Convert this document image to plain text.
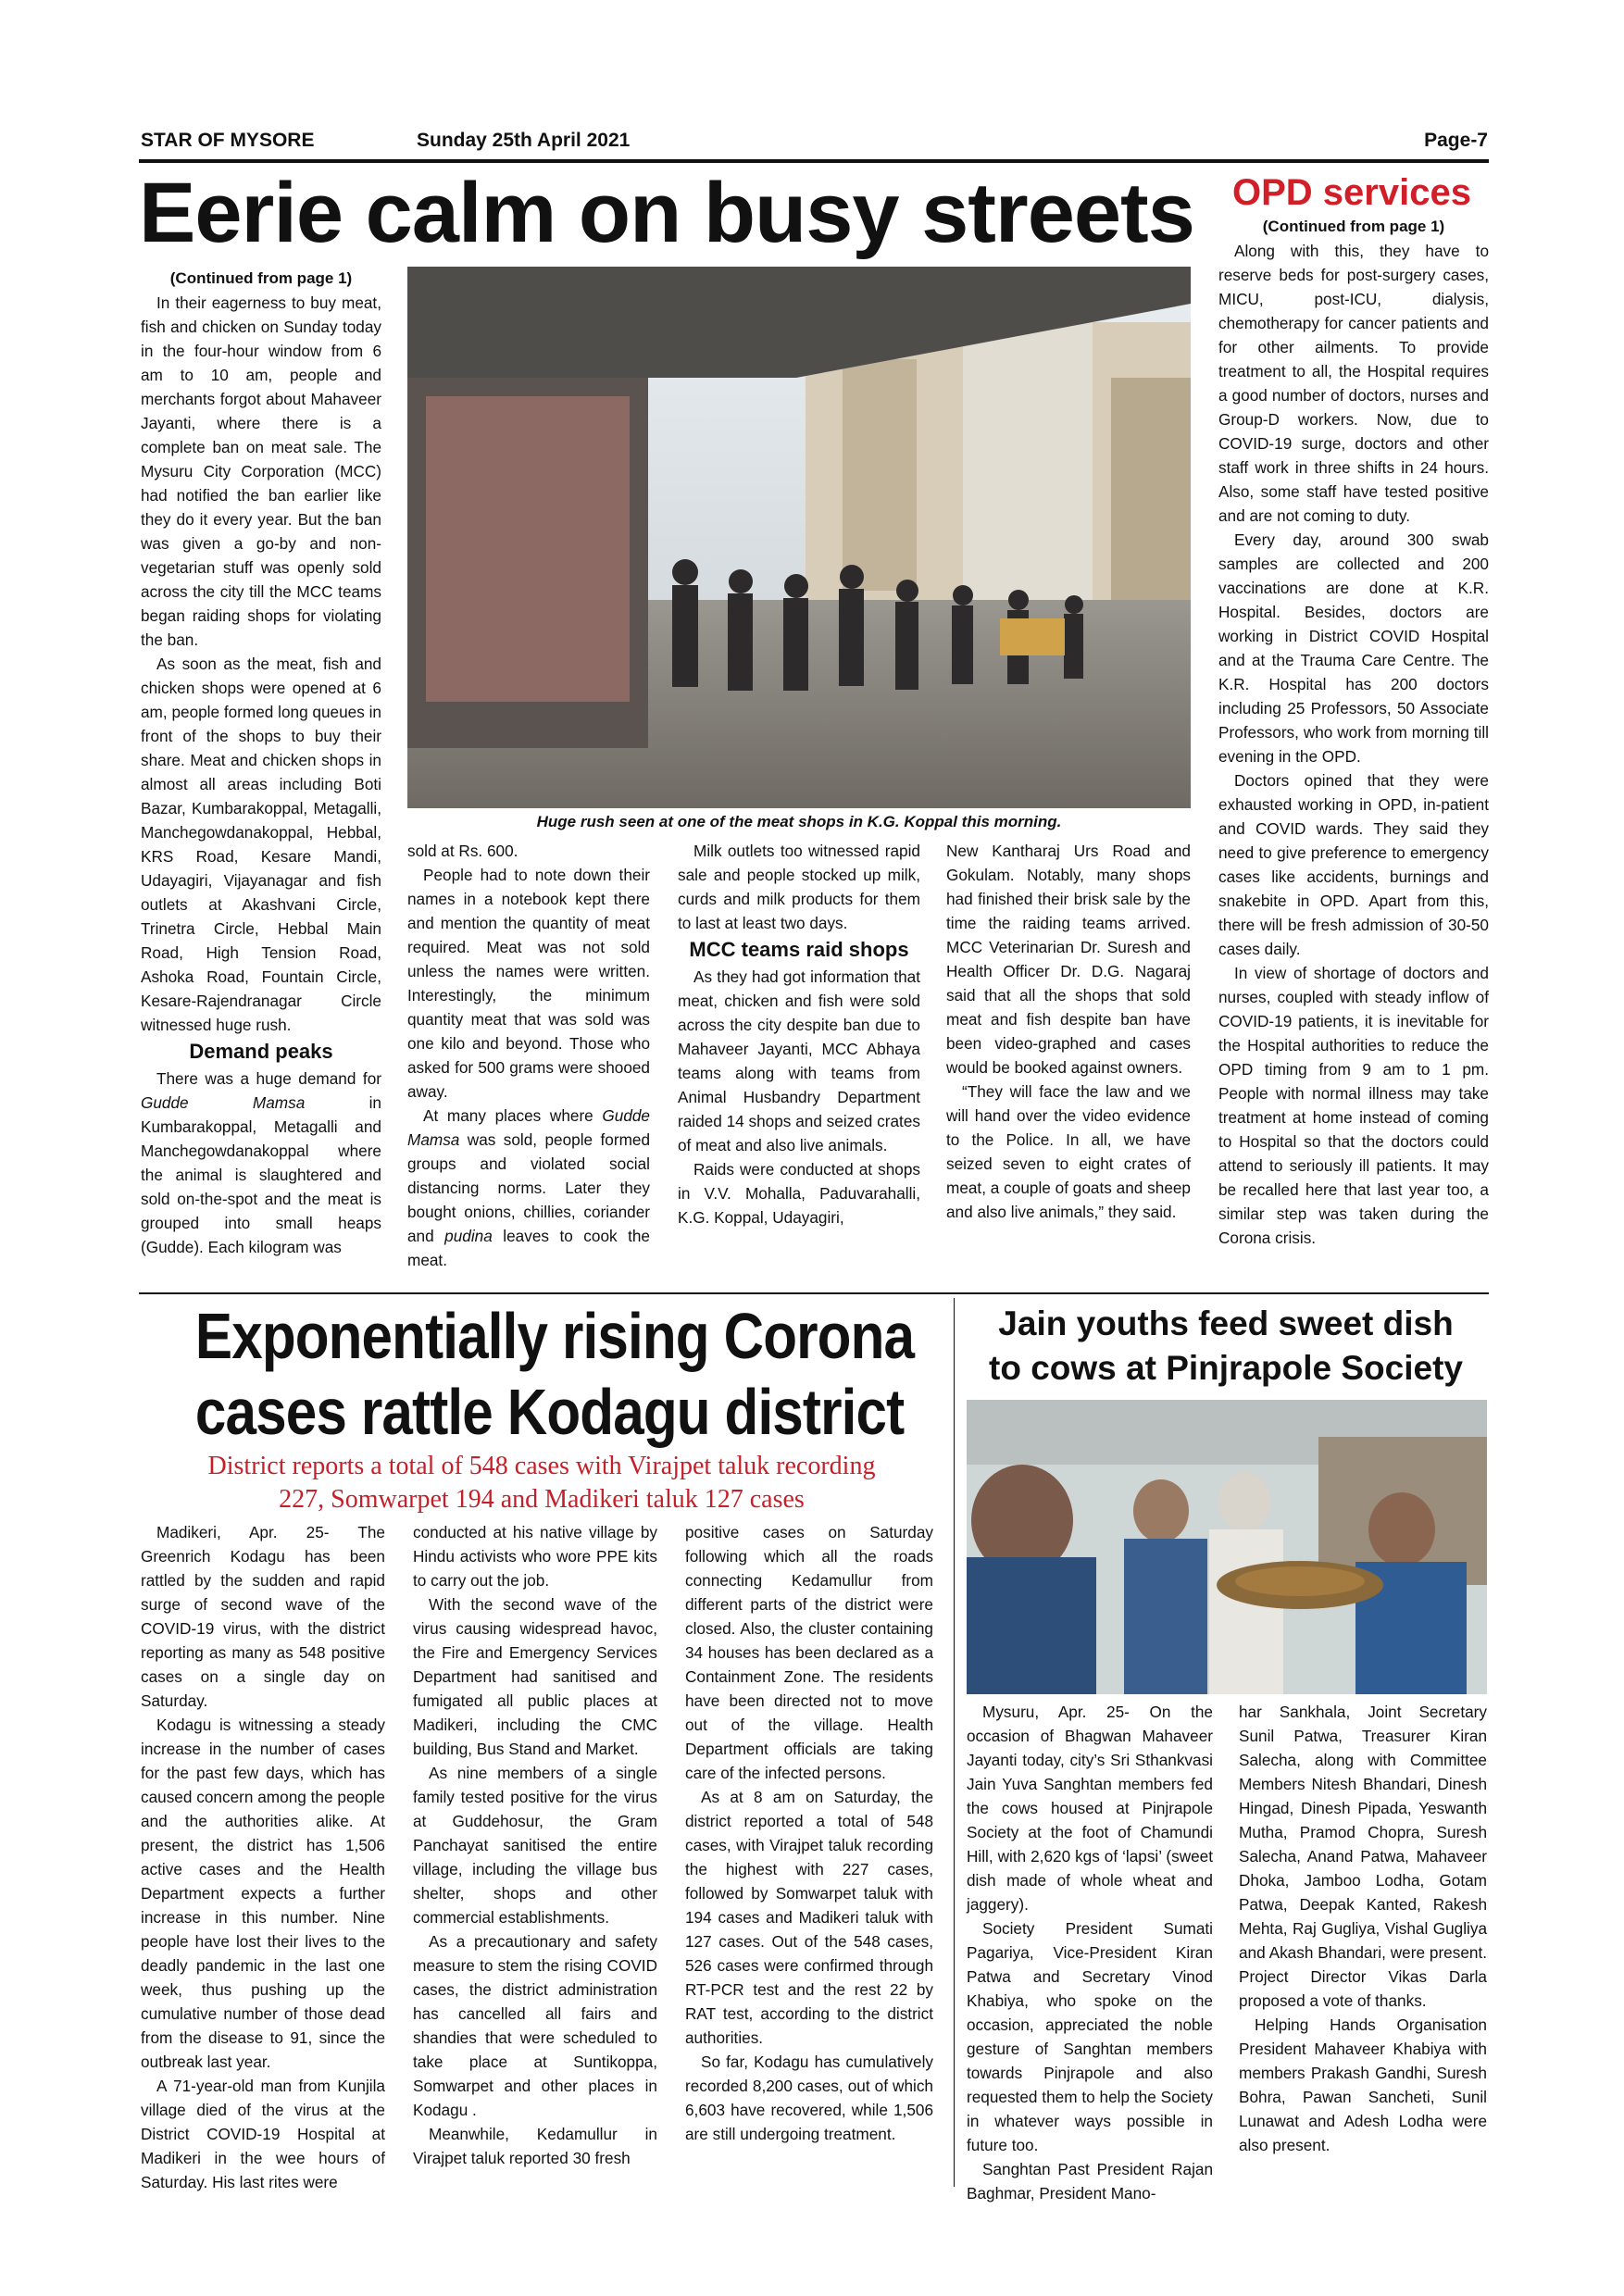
STAR OF MYSORE	Sunday 25th April 2021	Page-7
Eerie calm on busy streets
(Continued from page 1)

In their eagerness to buy meat, fish and chicken on Sunday today in the four-hour window from 6 am to 10 am, people and merchants forgot about Mahaveer Jayanti, where there is a complete ban on meat sale. The Mysuru City Corporation (MCC) had notified the ban earlier like they do it every year. But the ban was given a go-by and non-vegetarian stuff was openly sold across the city till the MCC teams began raiding shops for violating the ban.

As soon as the meat, fish and chicken shops were opened at 6 am, people formed long queues in front of the shops to buy their share. Meat and chicken shops in almost all areas including Boti Bazar, Kumbarakoppal, Metagalli, Manchegowdanakoppal, Hebbal, KRS Road, Kesare Mandi, Udayagiri, Vijayanagar and fish outlets at Akashvani Circle, Trinetra Circle, Hebbal Main Road, High Tension Road, Ashoka Road, Fountain Circle, Kesare-Rajendranagar Circle witnessed huge rush.

Demand peaks

There was a huge demand for Gudde Mamsa in Kumbarakoppal, Metagalli and Manchegowdanakoppal where the animal is slaughtered and sold on-the-spot and the meat is grouped into small heaps (Gudde). Each kilogram was

Huge rush seen at one of the meat shops in K.G. Koppal this morning.

sold at Rs. 600.

People had to note down their names in a notebook kept there and mention the quantity of meat required. Meat was not sold unless the names were written. Interestingly, the minimum quantity meat that was sold was one kilo and beyond. Those who asked for 500 grams were shooed away.

At many places where Gudde Mamsa was sold, people formed groups and violated social distancing norms. Later they bought onions, chillies, coriander and pudina leaves to cook the meat.

Milk outlets too witnessed rapid sale and people stocked up milk, curds and milk products for them to last at least two days.

MCC teams raid shops

As they had got information that meat, chicken and fish were sold across the city despite ban due to Mahaveer Jayanti, MCC Abhaya teams along with teams from Animal Husbandry Department raided 14 shops and seized crates of meat and also live animals.

Raids were conducted at shops in V.V. Mohalla, Paduvarahalli, K.G. Koppal, Udayagiri,

New Kantharaj Urs Road and Gokulam. Notably, many shops had finished their brisk sale by the time the raiding teams arrived. MCC Veterinarian Dr. Suresh and Health Officer Dr. D.G. Nagaraj said that all the shops that sold meat and fish despite ban have been video-graphed and cases would be booked against owners.

“They will face the law and we will hand over the video evidence to the Police. In all, we have seized seven to eight crates of meat, a couple of goats and sheep and also live animals,” they said.

OPD services
(Continued from page 1)

Along with this, they have to reserve beds for post-surgery cases, MICU, post-ICU, dialysis, chemotherapy for cancer patients and for other ailments. To provide treatment to all, the Hospital requires a good number of doctors, nurses and Group-D workers. Now, due to COVID-19 surge, doctors and other staff work in three shifts in 24 hours. Also, some staff have tested positive and are not coming to duty.

Every day, around 300 swab samples are collected and 200 vaccinations are done at K.R. Hospital. Besides, doctors are working in District COVID Hospital and at the Trauma Care Centre. The K.R. Hospital has 200 doctors including 25 Professors, 50 Associate Professors, who work from morning till evening in the OPD.

Doctors opined that they were exhausted working in OPD, in-patient and COVID wards. They said they need to give preference to emergency cases like accidents, burnings and snakebite in OPD. Apart from this, there will be fresh admission of 30-50 cases daily.

In view of shortage of doctors and nurses, coupled with steady inflow of COVID-19 patients, it is inevitable for the Hospital authorities to reduce the OPD timing from 9 am to 1 pm. People with normal illness may take treatment at home instead of coming to Hospital so that the doctors could attend to seriously ill patients. It may be recalled here that last year too, a similar step was taken during the Corona crisis.

Exponentially rising Corona
cases rattle Kodagu district
District reports a total of 548 cases with Virajpet taluk recording
227, Somwarpet 194 and Madikeri taluk 127 cases

Madikeri, Apr. 25- The Greenrich Kodagu has been rattled by the sudden and rapid surge of second wave of the COVID-19 virus, with the district reporting as many as 548 positive cases on a single day on Saturday.

Kodagu is witnessing a steady increase in the number of cases for the past few days, which has caused concern among the people and the authorities alike. At present, the district has 1,506 active cases and the Health Department expects a further increase in this number. Nine people have lost their lives to the deadly pandemic in the last one week, thus pushing up the cumulative number of those dead from the disease to 91, since the outbreak last year.

A 71-year-old man from Kunjila village died of the virus at the District COVID-19 Hospital at Madikeri in the wee hours of Saturday. His last rites were

conducted at his native village by Hindu activists who wore PPE kits to carry out the job.

With the second wave of the virus causing widespread havoc, the Fire and Emergency Services Department had sanitised and fumigated all public places at Madikeri, including the CMC building, Bus Stand and Market.

As nine members of a single family tested positive for the virus at Guddehosur, the Gram Panchayat sanitised the entire village, including the village bus shelter, shops and other commercial establishments.

As a precautionary and safety measure to stem the rising COVID cases, the district administration has cancelled all fairs and shandies that were scheduled to take place at Suntikoppa, Somwarpet and other places in Kodagu .

Meanwhile, Kedamullur in Virajpet taluk reported 30 fresh

positive cases on Saturday following which all the roads connecting Kedamullur from different parts of the district were closed. Also, the cluster containing 34 houses has been declared as a Containment Zone. The residents have been directed not to move out of the village. Health Department officials are taking care of the infected persons.

As at 8 am on Saturday, the district reported a total of 548 cases, with Virajpet taluk recording the highest with 227 cases, followed by Somwarpet taluk with 194 cases and Madikeri taluk with 127 cases. Out of the 548 cases, 526 cases were confirmed through RT-PCR test and the rest 22 by RAT test, according to the district authorities.

So far, Kodagu has cumulatively recorded 8,200 cases, out of which 6,603 have recovered, while 1,506 are still undergoing treatment.

Jain youths feed sweet dish
to cows at Pinjrapole Society

Mysuru, Apr. 25- On the occasion of Bhagwan Mahaveer Jayanti today, city’s Sri Sthankvasi Jain Yuva Sanghtan members fed the cows housed at Pinjrapole Society at the foot of Chamundi Hill, with 2,620 kgs of ‘lapsi’ (sweet dish made of whole wheat and jaggery).

Society President Sumati Pagariya, Vice-President Kiran Patwa and Secretary Vinod Khabiya, who spoke on the occasion, appreciated the noble gesture of Sanghtan members towards Pinjrapole and also requested them to help the Society in whatever ways possible in future too.

Sanghtan Past President Rajan Baghmar, President Mano-

har Sankhala, Joint Secretary Sunil Patwa, Treasurer Kiran Salecha, along with Committee Members Nitesh Bhandari, Dinesh Hingad, Dinesh Pipada, Yeswanth Mutha, Pramod Chopra, Suresh Salecha, Anand Patwa, Mahaveer Dhoka, Jamboo Lodha, Gotam Patwa, Deepak Kanted, Rakesh Mehta, Raj Gugliya, Vishal Gugliya and Akash Bhandari, were present. Project Director Vikas Darla proposed a vote of thanks.

Helping Hands Organisation President Mahaveer Khabiya with members Prakash Gandhi, Suresh Bohra, Pawan Sancheti, Sunil Lunawat and Adesh Lodha were also present.
